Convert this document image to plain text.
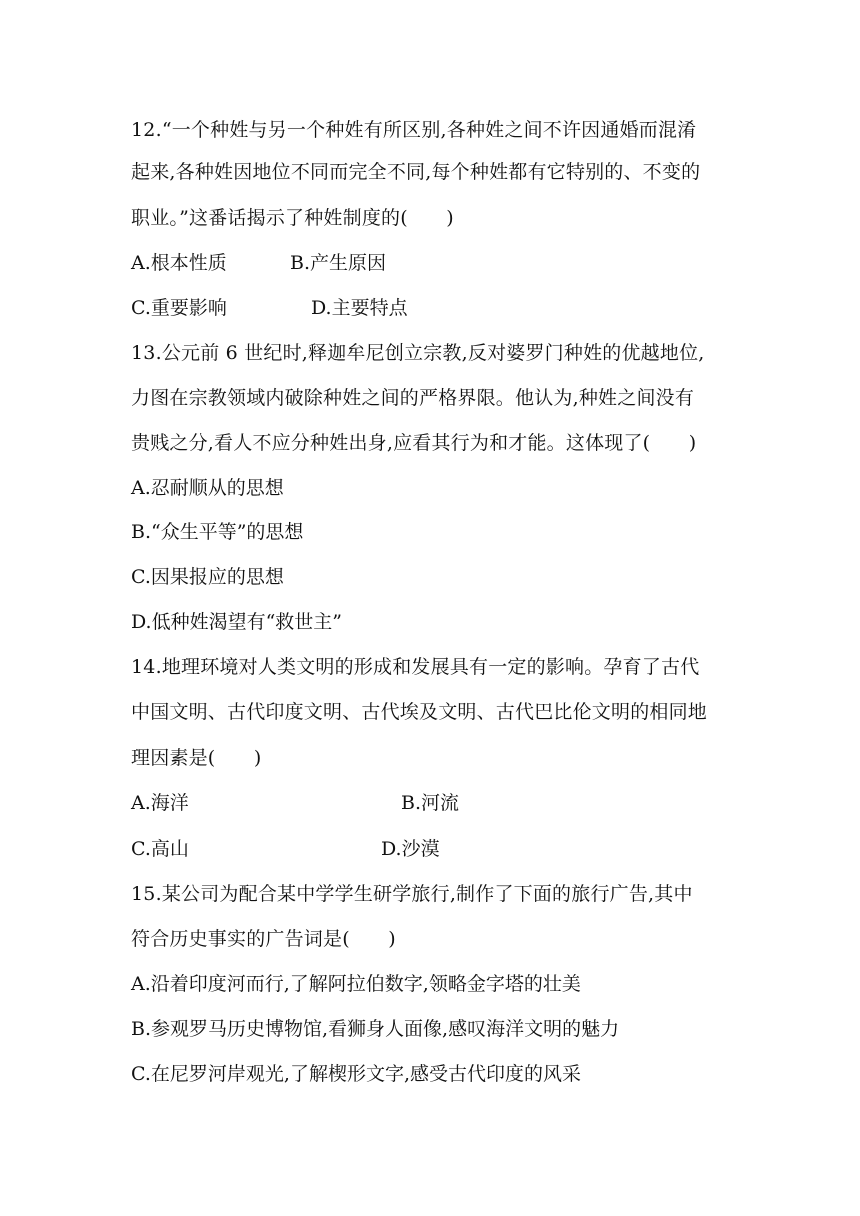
12.“一个种姓与另一个种姓有所区别,各种姓之间不许因通婚而混淆
起来,各种姓因地位不同而完全不同,每个种姓都有它特别的、不变的
职业。”这番话揭示了种姓制度的(　　)
A.根本性质	B.产生原因
C.重要影响	D.主要特点
13.公元前 6 世纪时,释迦牟尼创立宗教,反对婆罗门种姓的优越地位,
力图在宗教领域内破除种姓之间的严格界限。他认为,种姓之间没有
贵贱之分,看人不应分种姓出身,应看其行为和才能。这体现了(　　)
A.忍耐顺从的思想
B.“众生平等”的思想
C.因果报应的思想
D.低种姓渴望有“救世主”
14.地理环境对人类文明的形成和发展具有一定的影响。孕育了古代
中国文明、古代印度文明、古代埃及文明、古代巴比伦文明的相同地
理因素是(　　)
A.海洋	B.河流
C.高山	D.沙漠
15.某公司为配合某中学学生研学旅行,制作了下面的旅行广告,其中
符合历史事实的广告词是(　　)
A.沿着印度河而行,了解阿拉伯数字,领略金字塔的壮美
B.参观罗马历史博物馆,看狮身人面像,感叹海洋文明的魅力
C.在尼罗河岸观光,了解楔形文字,感受古代印度的风采
